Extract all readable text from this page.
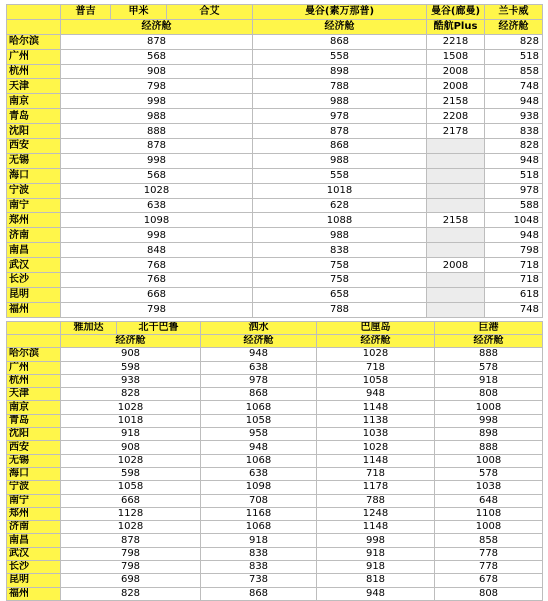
	普吉	甲米	合艾	曼谷(素万那普)	曼谷(廊曼)	兰卡威
	经济舱			经济舱	酷航Plus	经济舱
哈尔滨	878			868	2218	828
广州	568			558	1508	518
杭州	908			898	2008	858
天津	798			788	2008	748
南京	998			988	2158	948
青岛	988			978	2208	938
沈阳	888			878	2178	838
西安	878			868		828
无锡	998			988		948
海口	568			558		518
宁波	1028			1018		978
南宁	638			628		588
郑州	1098			1088	2158	1048
济南	998			988		948
南昌	848			838		798
武汉	768			758	2008	718
长沙	768			758		718
昆明	668			658		618
福州	798			788		748
	雅加达	北干巴鲁	泗水	巴厘岛	巨港
	经济舱		经济舱	经济舱	经济舱
哈尔滨	908		948	1028	888
广州	598		638	718	578
杭州	938		978	1058	918
天津	828		868	948	808
南京	1028		1068	1148	1008
青岛	1018		1058	1138	998
沈阳	918		958	1038	898
西安	908		948	1028	888
无锡	1028		1068	1148	1008
海口	598		638	718	578
宁波	1058		1098	1178	1038
南宁	668		708	788	648
郑州	1128		1168	1248	1108
济南	1028		1068	1148	1008
南昌	878		918	998	858
武汉	798		838	918	778
长沙	798		838	918	778
昆明	698		738	818	678
福州	828		868	948	808
